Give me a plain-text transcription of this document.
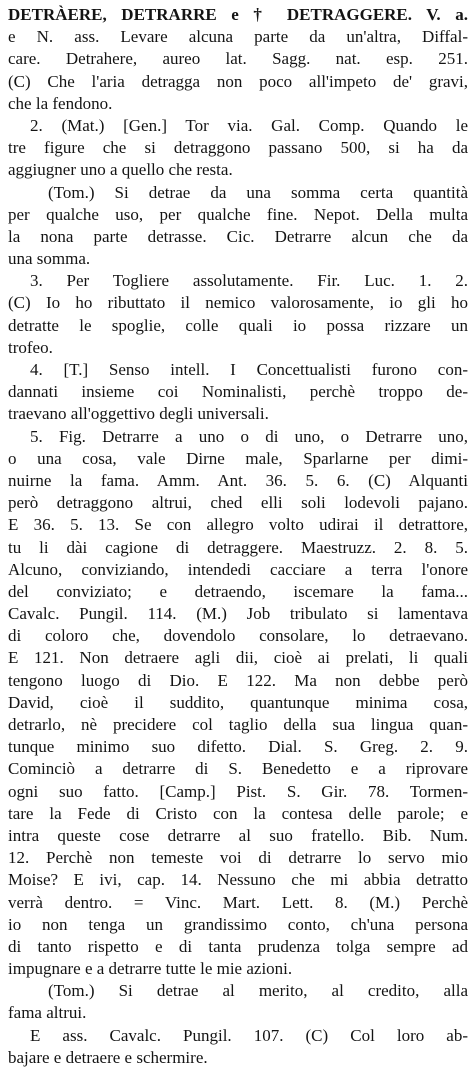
DETRÀERE, DETRARRE e † DETRAGGERE. V. a.
e N. ass. Levare alcuna parte da un'altra, Diffal-
care. Detrahere, aureo lat. Sagg. nat. esp. 251.
(C) Che l'aria detragga non poco all'impeto de' gravi,
che la fendono.
2. (Mat.) [Gen.] Tor via. Gal. Comp. Quando le
tre figure che si detraggono passano 500, si ha da
aggiugner uno a quello che resta.
(Tom.) Si detrae da una somma certa quantità
per qualche uso, per qualche fine. Nepot. Della multa
la nona parte detrasse. Cic. Detrarre alcun che da
una somma.
3. Per Togliere assolutamente. Fir. Luc. 1. 2.
(C) Io ho ributtato il nemico valorosamente, io gli ho
detratte le spoglie, colle quali io possa rizzare un
trofeo.
4. [T.] Senso intell. I Concettualisti furono con-
dannati insieme coi Nominalisti, perchè troppo de-
traevano all'oggettivo degli universali.
5. Fig. Detrarre a uno o di uno, o Detrarre uno,
o una cosa, vale Dirne male, Sparlarne per dimi-
nuirne la fama. Amm. Ant. 36. 5. 6. (C) Alquanti
però detraggono altrui, ched elli soli lodevoli pajano.
E 36. 5. 13. Se con allegro volto udirai il detrattore,
tu li dài cagione di detraggere. Maestruzz. 2. 8. 5.
Alcuno, conviziando, intendedi cacciare a terra l'onore
del conviziato; e detraendo, iscemare la fama...
Cavalc. Pungil. 114. (M.) Job tribulato si lamentava
di coloro che, dovendolo consolare, lo detraevano.
E 121. Non detraere agli dii, cioè ai prelati, li quali
tengono luogo di Dio. E 122. Ma non debbe però
David, cioè il suddito, quantunque minima cosa,
detrarlo, nè precidere col taglio della sua lingua quan-
tunque minimo suo difetto. Dial. S. Greg. 2. 9.
Cominciò a detrarre di S. Benedetto e a riprovare
ogni suo fatto. [Camp.] Pist. S. Gir. 78. Tormen-
tare la Fede di Cristo con la contesa delle parole; e
intra queste cose detrarre al suo fratello. Bib. Num.
12. Perchè non temeste voi di detrarre lo servo mio
Moise? E ivi, cap. 14. Nessuno che mi abbia detratto
verrà dentro. = Vinc. Mart. Lett. 8. (M.) Perchè
io non tenga un grandissimo conto, ch'una persona
di tanto rispetto e di tanta prudenza tolga sempre ad
impugnare e a detrarre tutte le mie azioni.
(Tom.) Si detrae al merito, al credito, alla
fama altrui.
E ass. Cavalc. Pungil. 107. (C) Col loro ab-
bajare e detraere e schermire.
